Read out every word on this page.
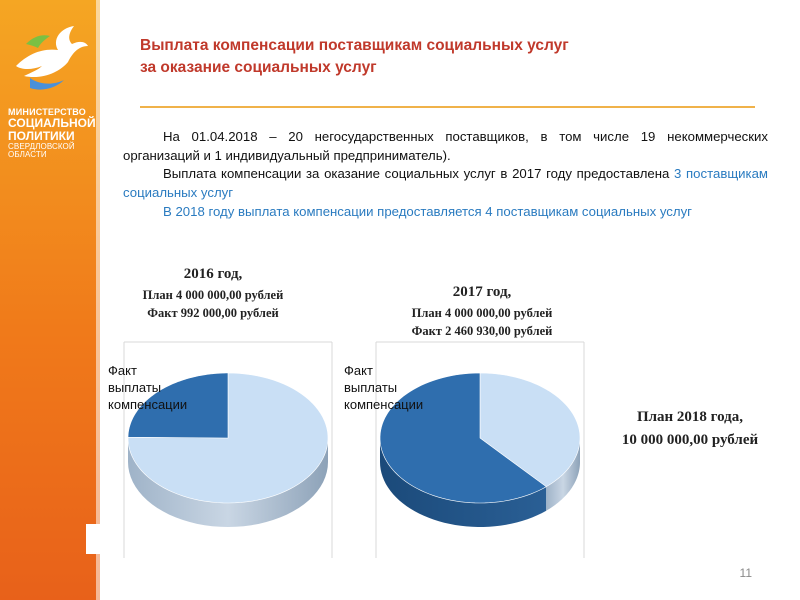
МИНИСТЕРСТВО
СОЦИАЛЬНОЙ
ПОЛИТИКИ
СВЕРДЛОВСКОЙ
ОБЛАСТИ
Выплата компенсации поставщикам социальных услуг
за оказание социальных услуг

На 01.04.2018 – 20 негосударственных поставщиков, в том числе 19 некоммерческих организаций и 1 индивидуальный предприниматель).

Выплата компенсации за оказание социальных услуг в 2017 году предоставлена 3 поставщикам социальных услуг

В 2018 году выплата компенсации предоставляется 4 поставщикам социальных услуг

2016 год,
План 4 000 000,00 рублей
Факт 992 000,00 рублей
2017 год,
План 4 000 000,00 рублей
Факт 2 460 930,00 рублей
Факт
выплаты
компенсации
Факт
выплаты
компенсации
План 2018 года,
10 000 000,00 рублей
11
